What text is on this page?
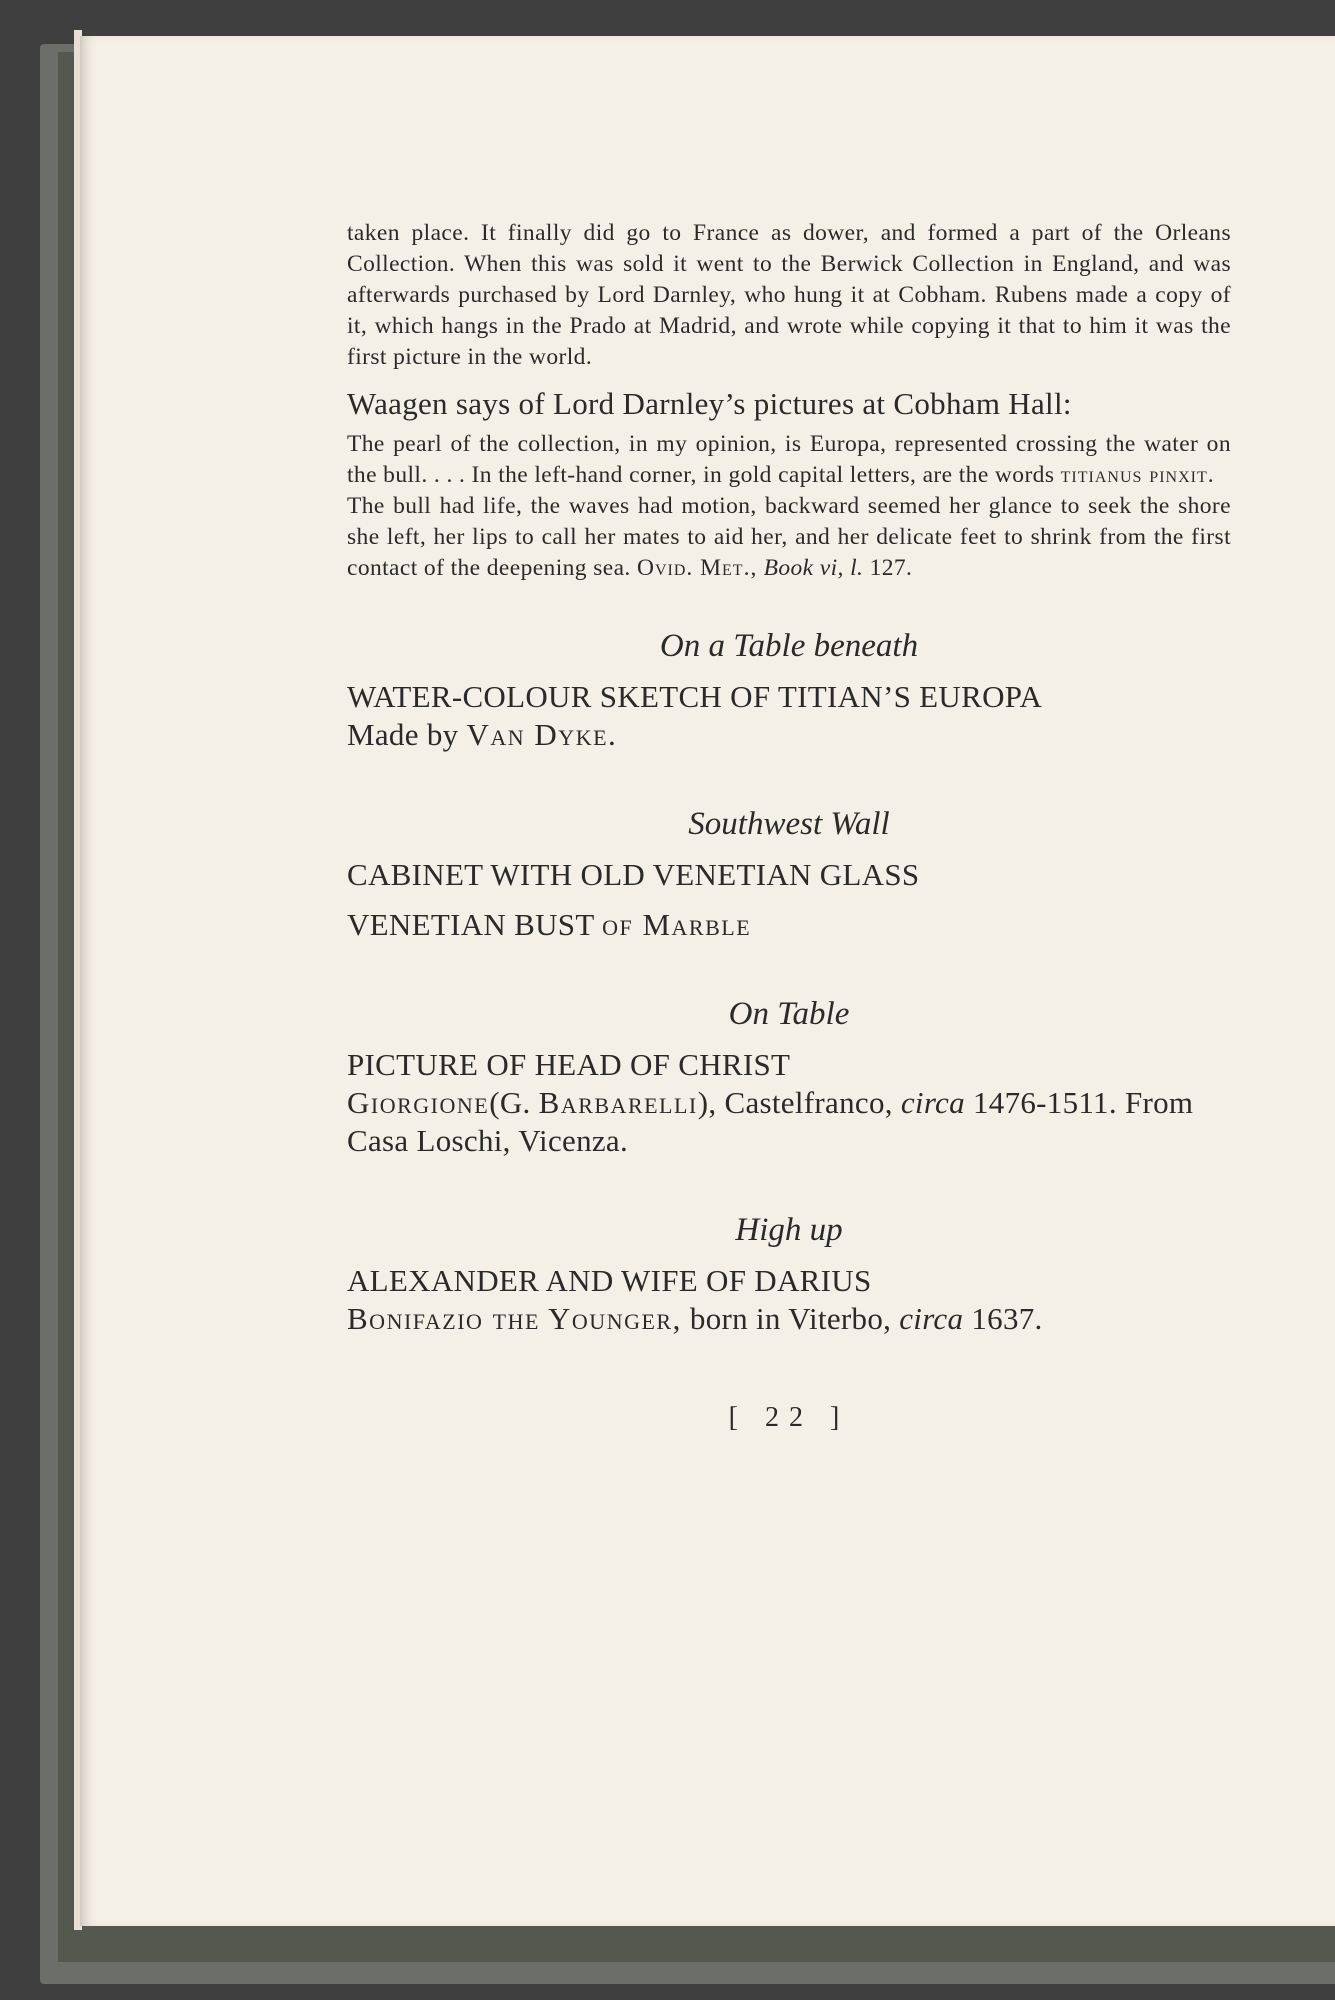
taken place. It finally did go to France as dower, and formed a part of the Orleans Collection. When this was sold it went to the Berwick Collection in England, and was afterwards purchased by Lord Darnley, who hung it at Cobham. Rubens made a copy of it, which hangs in the Prado at Madrid, and wrote while copying it that to him it was the first picture in the world.

Waagen says of Lord Darnley’s pictures at Cobham Hall:

The pearl of the collection, in my opinion, is Europa, represented crossing the water on the bull. . . . In the left-hand corner, in gold capital letters, are the words titianus pinxit.

The bull had life, the waves had motion, backward seemed her glance to seek the shore she left, her lips to call her mates to aid her, and her delicate feet to shrink from the first contact of the deepening sea. Ovid. Met., Book vi, l. 127.

On a Table beneath

WATER-COLOUR SKETCH OF TITIAN’S EUROPA

Made by Van Dyke.

Southwest Wall

CABINET WITH OLD VENETIAN GLASS

VENETIAN BUST of Marble

On Table

PICTURE OF HEAD OF CHRIST

Giorgione(G. Barbarelli), Castelfranco, circa 1476-1511. From Casa Loschi, Vicenza.

High up

ALEXANDER AND WIFE OF DARIUS

Bonifazio the Younger, born in Viterbo, circa 1637.

[ 22 ]
